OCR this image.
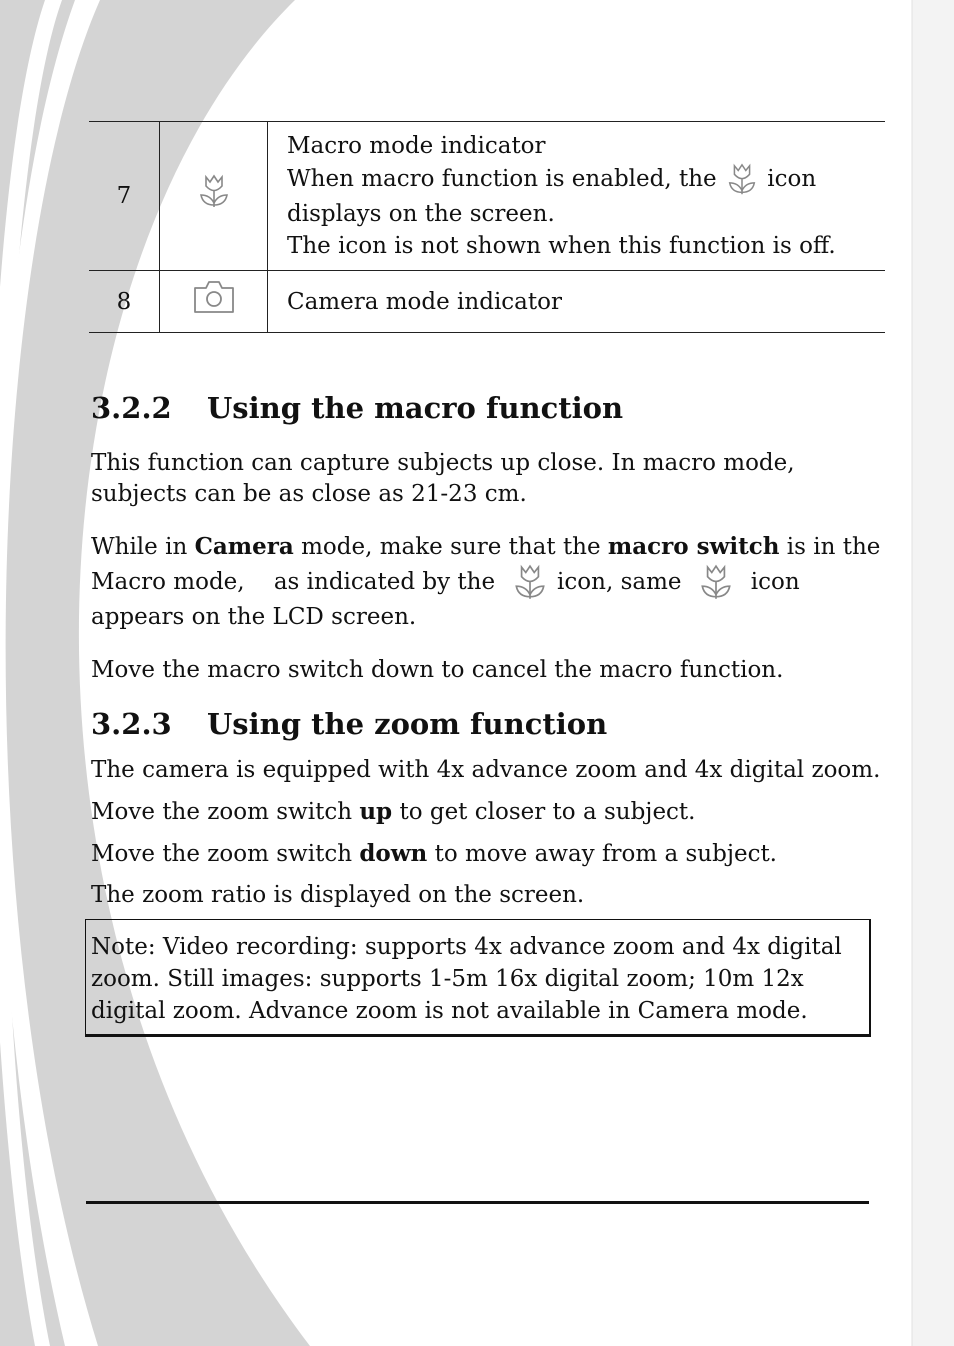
7		Macro mode indicator
When macro function is enabled, the icon
displays on the screen.
The icon is not shown when this function is off.

8		Camera mode indicator
3.2.2 Using the macro function

This function can capture subjects up close. In macro mode, subjects can be as close as 21-23 cm.

While in Camera mode, make sure that the macro switch is in the
Macro mode,    as indicated by the	icon, same	icon
appears on the LCD screen.

Move the macro switch down to cancel the macro function.

3.2.3 Using the zoom function

The camera is equipped with 4x advance zoom and 4x digital zoom.

Move the zoom switch up to get closer to a subject.

Move the zoom switch down to move away from a subject.

The zoom ratio is displayed on the screen.

Note: Video recording: supports 4x advance zoom and 4x digital zoom. Still images: supports 1-5m 16x digital zoom; 10m 12x digital zoom. Advance zoom is not available in Camera mode.
